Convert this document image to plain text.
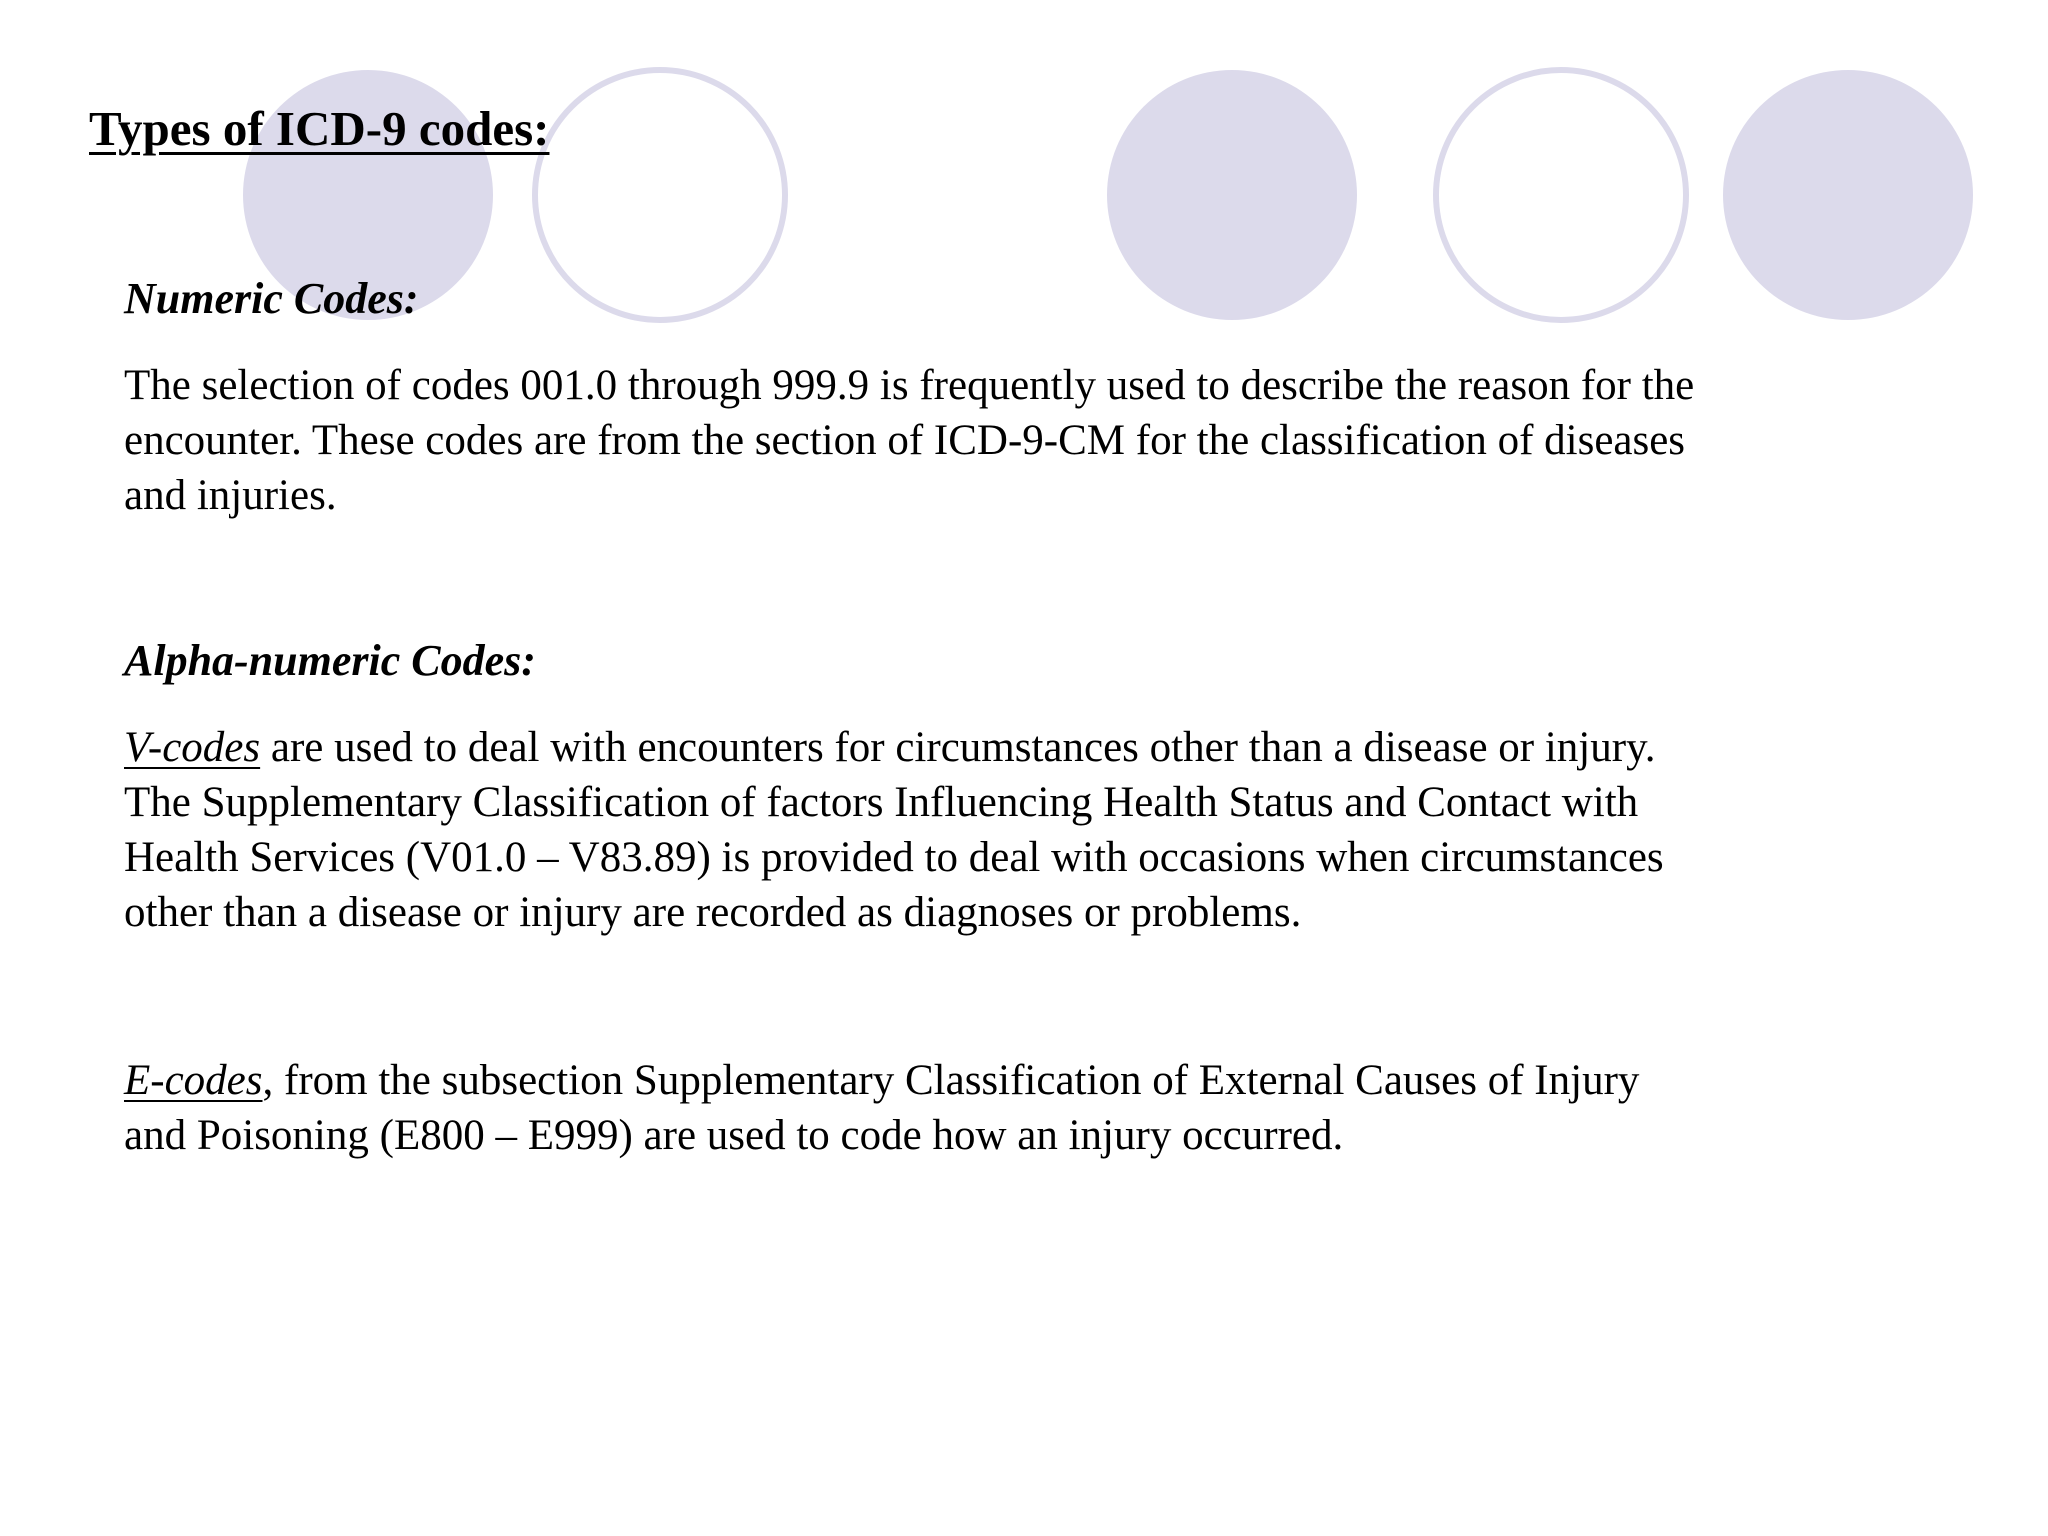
Types of ICD-9 codes:
Numeric Codes:

The selection of codes 001.0 through 999.9 is frequently used to describe the reason for the
encounter. These codes are from the section of ICD-9-CM for the classification of diseases
and injuries.

Alpha-numeric Codes:

V-codes are used to deal with encounters for circumstances other than a disease or injury.
The Supplementary Classification of factors Influencing Health Status and Contact with
Health Services (V01.0 – V83.89) is provided to deal with occasions when circumstances
other than a disease or injury are recorded as diagnoses or problems.

E-codes, from the subsection Supplementary Classification of External Causes of Injury
and Poisoning (E800 – E999) are used to code how an injury occurred.
